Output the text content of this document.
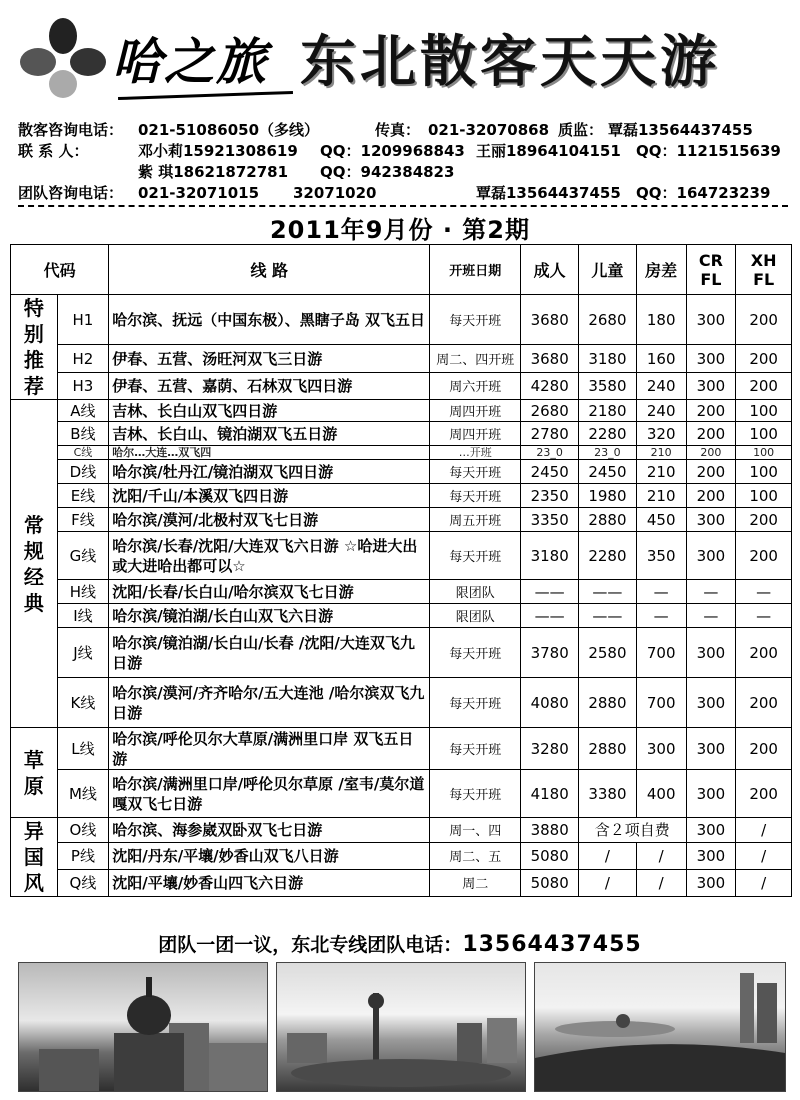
哈之旅 东北散客天天游
散客咨询电话： 021-51086050（多线）	传真： 021-32070868 质监： 覃磊13564437455
联 系 人：	邓小莉15921308619 QQ：1209968843 王丽18964104151 QQ：1121515639
紫 琪18621872781 QQ：942384823
团队咨询电话： 021-32071015 32071020	覃磊13564437455 QQ：164723239
2011年9月份 · 第2期
代码		线 路	开班日期	成人	儿童	房差	CR FL	XH FL
特别推荐	H1	哈尔滨、抚远（中国东极）、黑瞎子岛 双飞五日	每天开班	3680	2680	180	300	200
	H2	伊春、五营、汤旺河双飞三日游	周二、四开班	3680	3180	160	300	200
	H3	伊春、五营、嘉荫、石林双飞四日游	周六开班	4280	3580	240	300	200
常规经典	A线	吉林、长白山双飞四日游	周四开班	2680	2180	240	200	100
	B线	吉林、长白山、镜泊湖双飞五日游	周四开班	2780	2280	320	200	100
	C线	哈尔…大连…双飞四	…开班	23_0	23_0	210	200	100
	D线	哈尔滨/牡丹江/镜泊湖双飞四日游	每天开班	2450	2450	210	200	100
	E线	沈阳/千山/本溪双飞四日游	每天开班	2350	1980	210	200	100
	F线	哈尔滨/漠河/北极村双飞七日游	周五开班	3350	2880	450	300	200
	G线	哈尔滨/长春/沈阳/大连双飞六日游 ☆哈进大出或大进哈出都可以☆	每天开班	3180	2280	350	300	200
	H线	沈阳/长春/长白山/哈尔滨双飞七日游	限团队	——	——	—	—	—
	I线	哈尔滨/镜泊湖/长白山双飞六日游	限团队	——	——	—	—	—
	J线	哈尔滨/镜泊湖/长白山/长春 /沈阳/大连双飞九日游	每天开班	3780	2580	700	300	200
	K线	哈尔滨/漠河/齐齐哈尔/五大连池 /哈尔滨双飞九日游	每天开班	4080	2880	700	300	200
草原	L线	哈尔滨/呼伦贝尔大草原/满洲里口岸 双飞五日游	每天开班	3280	2880	300	300	200
	M线	哈尔滨/满洲里口岸/呼伦贝尔草原 /室韦/莫尔道嘎双飞七日游	每天开班	4180	3380	400	300	200
异国风	O线	哈尔滨、海参崴双卧双飞七日游	周一、四	3880	含２项自费		300	/
	P线	沈阳/丹东/平壤/妙香山双飞八日游	周二、五	5080	/	/	300	/
	Q线	沈阳/平壤/妙香山四飞六日游	周二	5080	/	/	300	/
团队一团一议，东北专线团队电话：13564437455
